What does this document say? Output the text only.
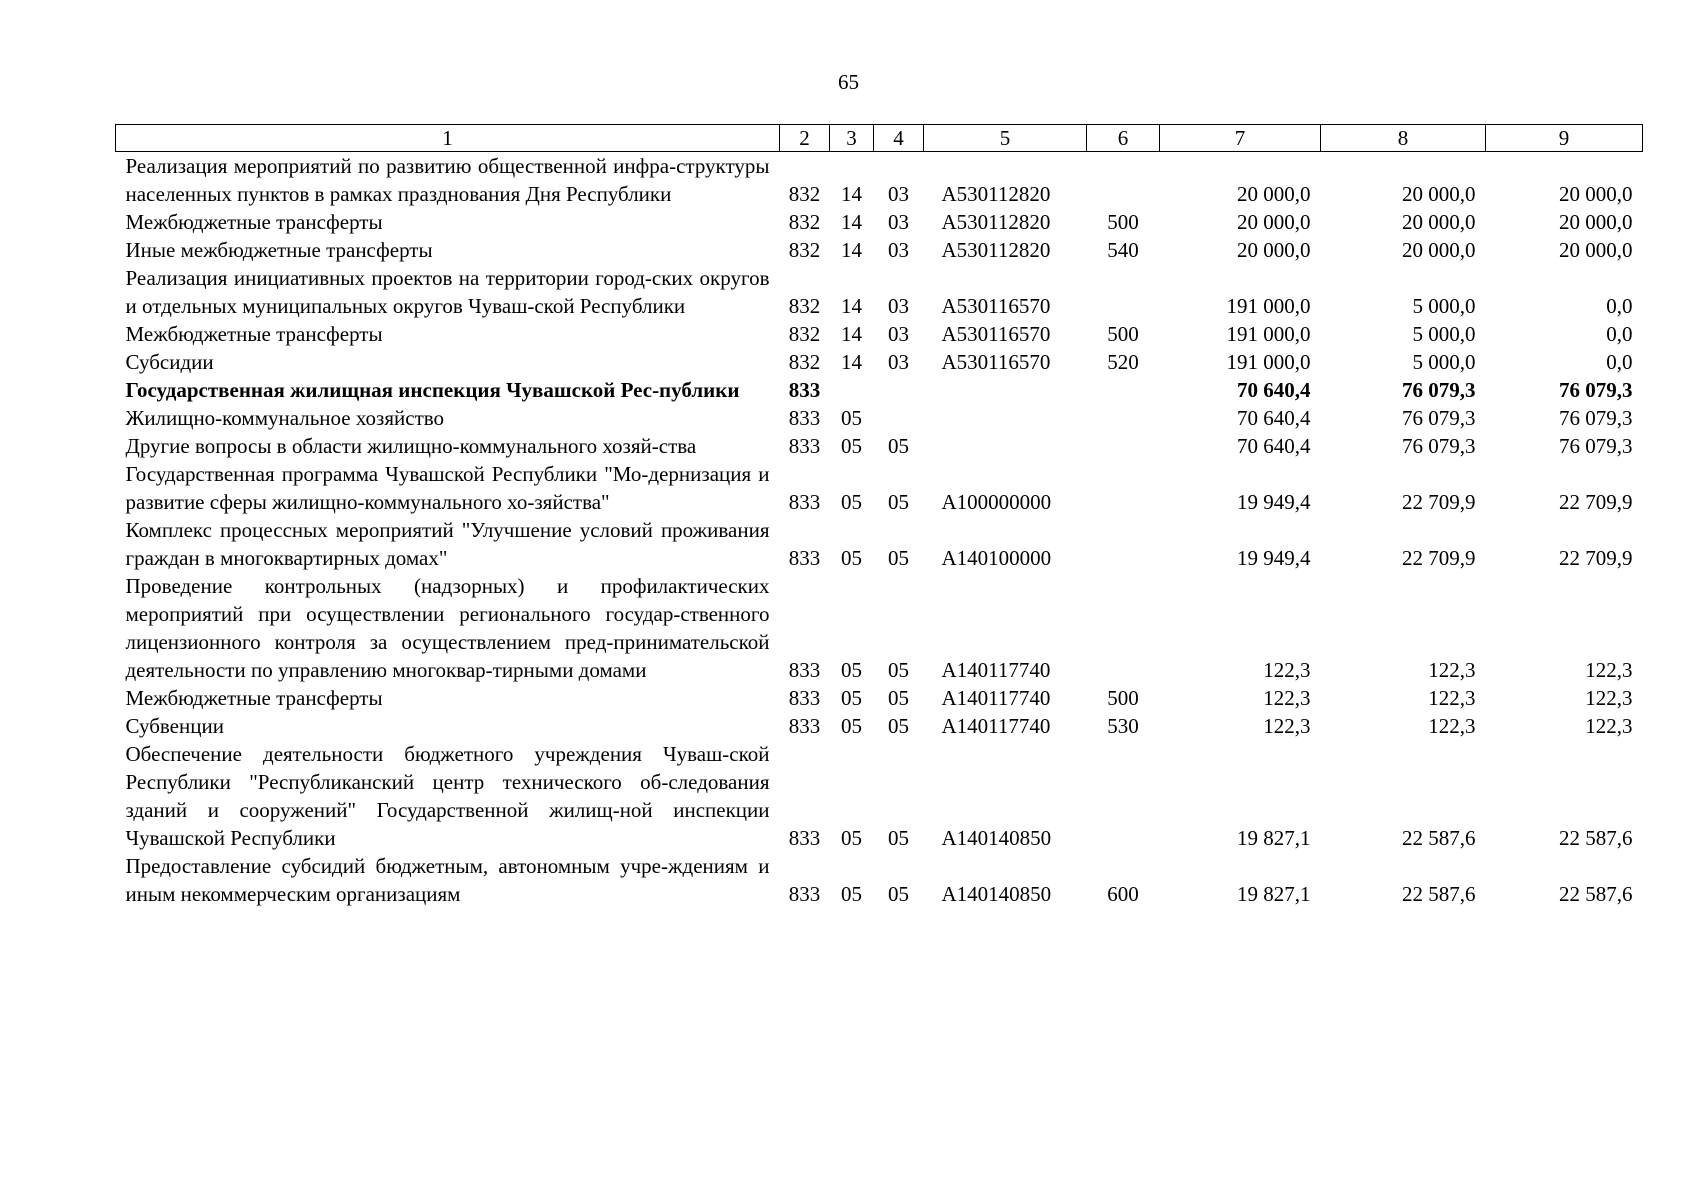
65
1	2	3	4	5	6	7	8	9
Реализация мероприятий по развитию общественной инфра-структуры населенных пунктов в рамках празднования Дня Республики	832	14	03	А530112820		20 000,0	20 000,0	20 000,0
Межбюджетные трансферты	832	14	03	А530112820	500	20 000,0	20 000,0	20 000,0
Иные межбюджетные трансферты	832	14	03	А530112820	540	20 000,0	20 000,0	20 000,0
Реализация инициативных проектов на территории город-ских округов и отдельных муниципальных округов Чуваш-ской Республики	832	14	03	А530116570		191 000,0	5 000,0	0,0
Межбюджетные трансферты	832	14	03	А530116570	500	191 000,0	5 000,0	0,0
Субсидии	832	14	03	А530116570	520	191 000,0	5 000,0	0,0
Государственная жилищная инспекция Чувашской Рес-публики	833					70 640,4	76 079,3	76 079,3
Жилищно-коммунальное хозяйство	833	05				70 640,4	76 079,3	76 079,3
Другие вопросы в области жилищно-коммунального хозяй-ства	833	05	05			70 640,4	76 079,3	76 079,3
Государственная программа Чувашской Республики "Мо-дернизация и развитие сферы жилищно-коммунального хо-зяйства"	833	05	05	А100000000		19 949,4	22 709,9	22 709,9
Комплекс процессных мероприятий "Улучшение условий проживания граждан в многоквартирных домах"	833	05	05	А140100000		19 949,4	22 709,9	22 709,9
Проведение контрольных (надзорных) и профилактических мероприятий при осуществлении регионального государ-ственного лицензионного контроля за осуществлением пред-принимательской деятельности по управлению многоквар-тирными домами	833	05	05	А140117740		122,3	122,3	122,3
Межбюджетные трансферты	833	05	05	А140117740	500	122,3	122,3	122,3
Субвенции	833	05	05	А140117740	530	122,3	122,3	122,3
Обеспечение деятельности бюджетного учреждения Чуваш-ской Республики "Республиканский центр технического об-следования зданий и сооружений" Государственной жилищ-ной инспекции Чувашской Республики	833	05	05	А140140850		19 827,1	22 587,6	22 587,6
Предоставление субсидий бюджетным, автономным учре-ждениям и иным некоммерческим организациям	833	05	05	А140140850	600	19 827,1	22 587,6	22 587,6
